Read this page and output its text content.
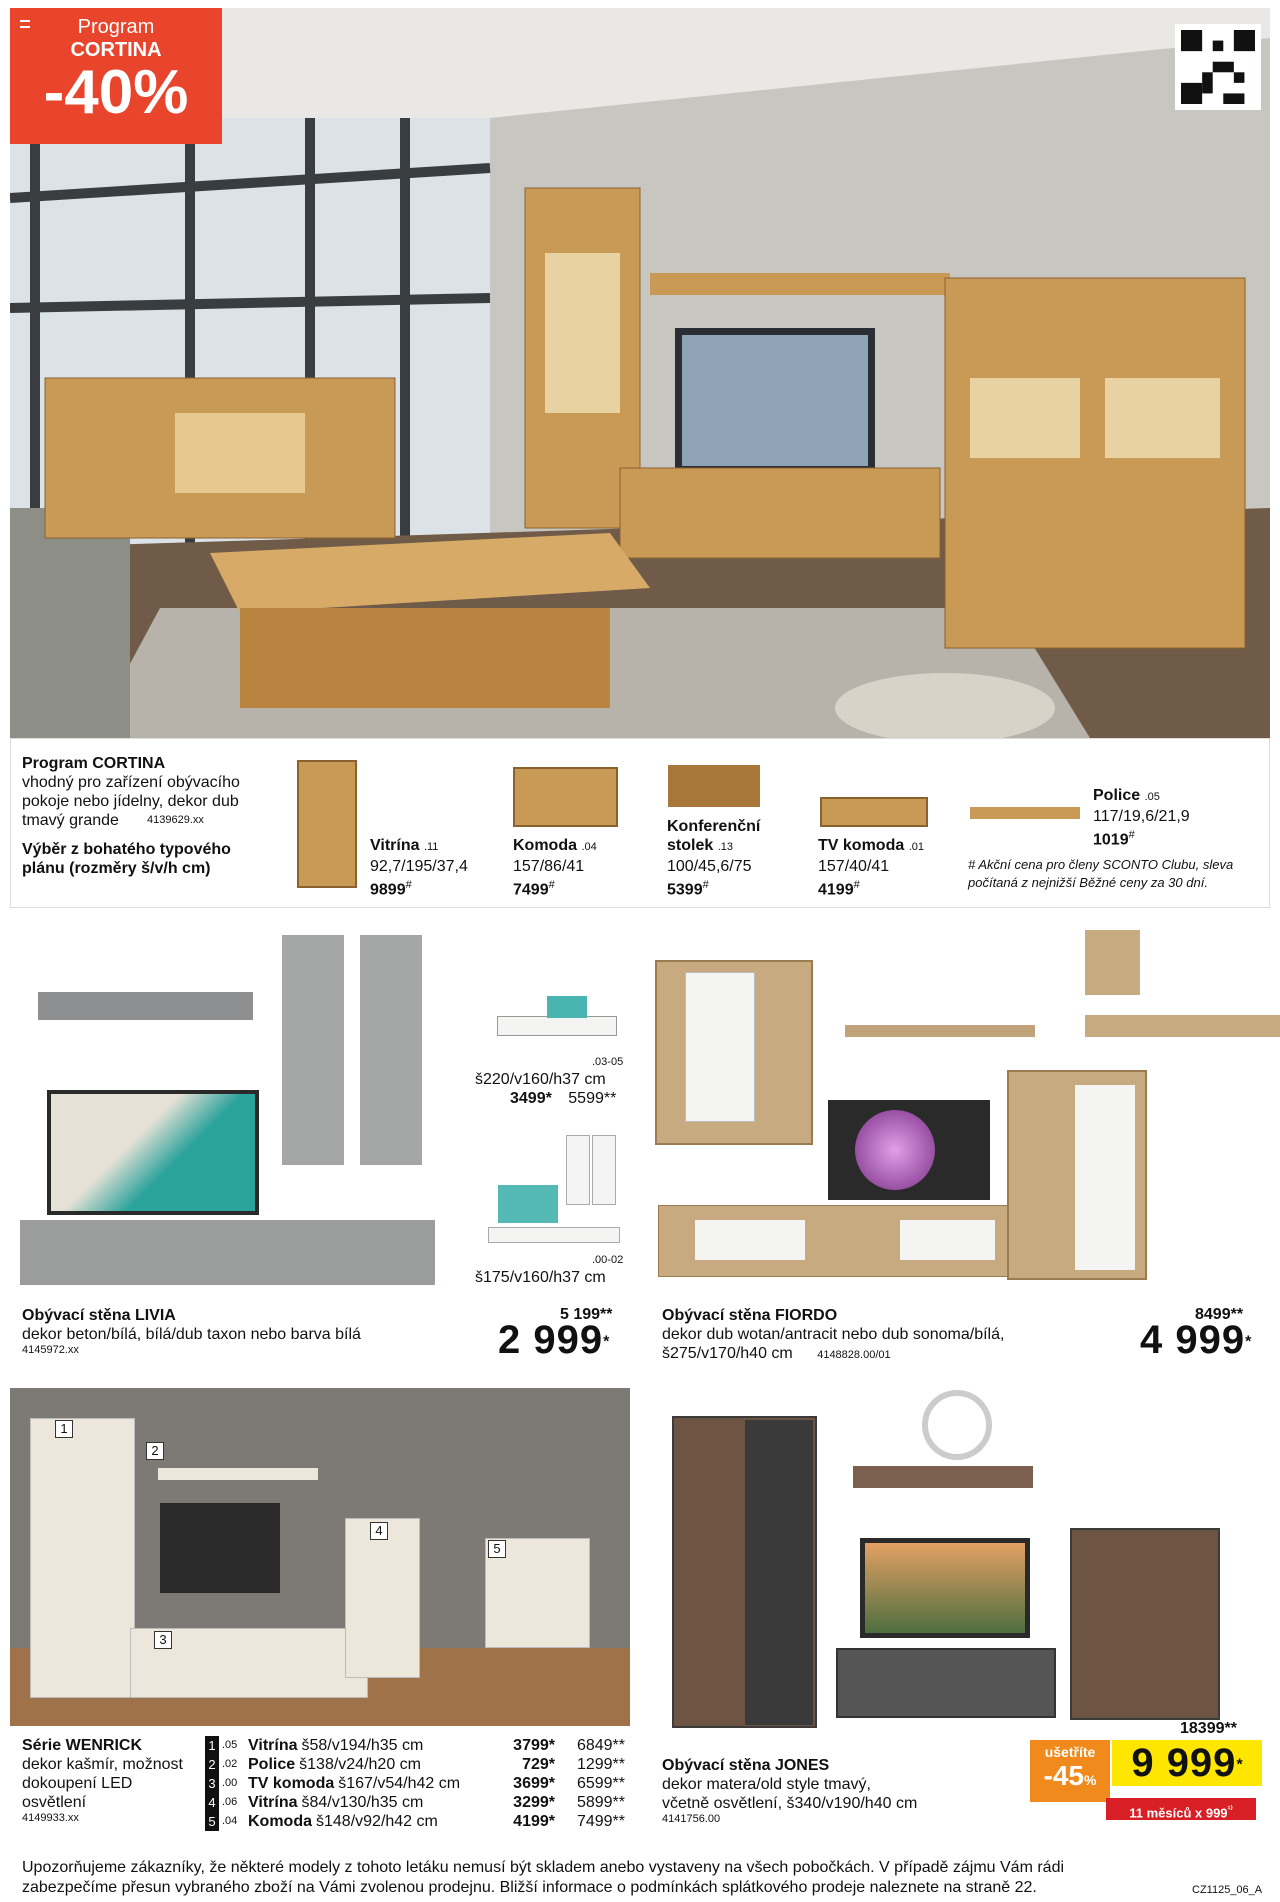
Program
CORTINA
-40%
Program CORTINA
vhodný pro zařízení obývacího pokoje nebo jídelny, dekor dub tmavý grande	4139629.xx
Výběr z bohatého typového plánu (rozměry š/v/h cm)
Vitrína .11
92,7/195/37,4
9899#
Komoda .04
157/86/41
7499#
Konferenční stolek .13
100/45,6/75
5399#
TV komoda .01
157/40/41
4199#
Police .05
117/19,6/21,9
1019#
# Akční cena pro členy SCONTO Clubu, sleva počítaná z nejnižší Běžné ceny za 30 dní.
.03-05
š220/v160/h37 cm
3499* 5599**
.00-02
š175/v160/h37 cm
Obývací stěna LIVIA
dekor beton/bílá, bílá/dub taxon nebo barva bílá
4145972.xx
5 199**
2 999*
Obývací stěna FIORDO
dekor dub wotan/antracit nebo dub sonoma/bílá,
š275/v170/h40 cm 4148828.00/01
8499**
4 999*
1
2
3
4
5
Série WENRICK
dekor kašmír, možnost dokoupení LED osvětlení
4149933.xx
1 .05 Vitrína š58/v194/h35 cm	3799*	6849**
2 .02 Police š138/v24/h20 cm	729*	1299**
3 .00 TV komoda š167/v54/h42 cm	3699*	6599**
4 .06 Vitrína š84/v130/h35 cm	3299*	5899**
5 .04 Komoda š148/v92/h42 cm	4199*	7499**
Obývací stěna JONES
dekor matera/old style tmavý,
včetně osvětlení, š340/v190/h40 cm
4141756.00
18399**
ušetříte
-45% 9 999*
11 měsíců x $999^{^{1)}}$
Upozorňujeme zákazníky, že některé modely z tohoto letáku nemusí být skladem anebo vystaveny na všech pobočkách. V případě zájmu Vám rádi zabezpečíme přesun vybraného zboží na Vámi zvolenou prodejnu. Bližší informace o podmínkách splátkového prodeje naleznete na straně 22.	CZ1125_06_A
